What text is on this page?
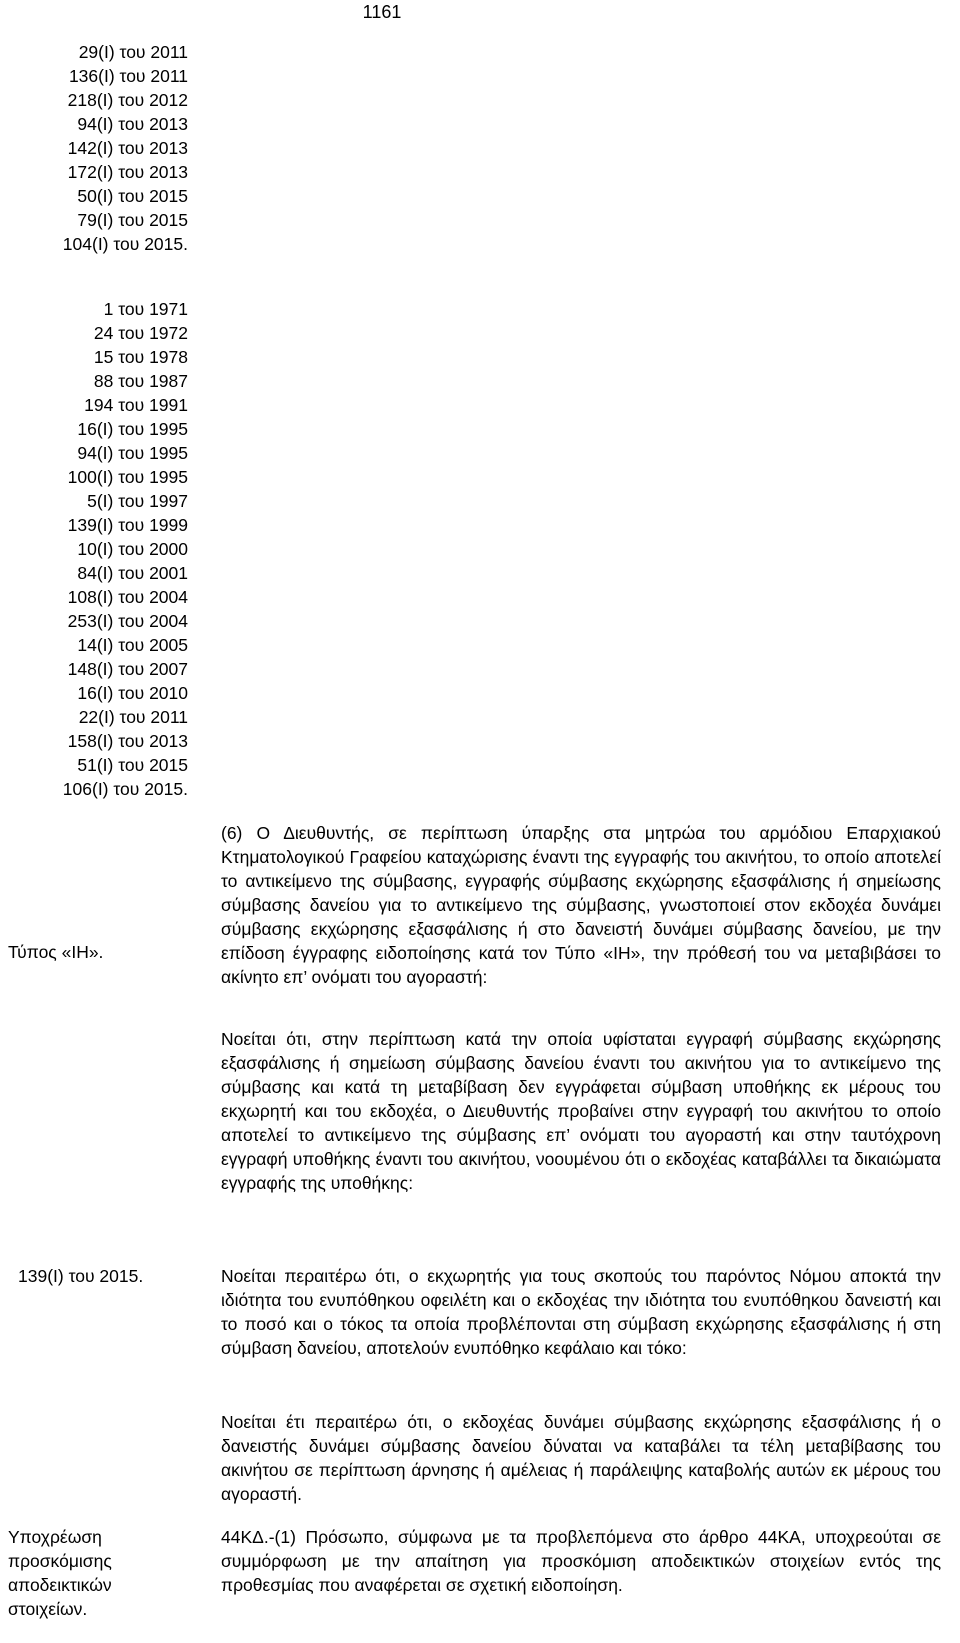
1161
29(Ι) του 2011
136(Ι) του 2011
218(Ι) του 2012
94(Ι) του 2013
142(Ι) του 2013
172(Ι) του 2013
50(Ι) του 2015
79(Ι) του 2015
104(Ι) του 2015.
1 του 1971
24 του 1972
15 του 1978
88 του 1987
194 του 1991
16(Ι) του 1995
94(Ι) του 1995
100(Ι) του 1995
5(Ι) του 1997
139(Ι) του 1999
10(Ι) του 2000
84(Ι) του 2001
108(Ι) του 2004
253(Ι) του 2004
14(Ι) του 2005
148(Ι) του 2007
16(Ι) του 2010
22(Ι) του 2011
158(Ι) του 2013
51(Ι) του 2015
106(Ι) του 2015.
Τύπος «ΙΗ».
139(Ι) του 2015.
Υποχρέωση προσκόμισης αποδεικτικών στοιχείων.

(6) Ο Διευθυντής, σε περίπτωση ύπαρξης στα μητρώα του αρμόδιου Επαρχιακού Κτηματολογικού Γραφείου καταχώρισης έναντι της εγγραφής του ακινήτου, το οποίο αποτελεί το αντικείμενο της σύμβασης, εγγραφής σύμβασης εκχώρησης εξασφάλισης ή σημείωσης σύμβασης δανείου για το αντικείμενο της σύμβασης, γνωστοποιεί στον εκδοχέα δυνάμει σύμβασης εκχώρησης εξασφάλισης ή στο δανειστή δυνάμει σύμβασης δανείου, με την επίδοση έγγραφης ειδοποίησης κατά τον Τύπο «ΙΗ», την πρόθεσή του να μεταβιβάσει το ακίνητο επ’ ονόματι του αγοραστή:

Νοείται ότι, στην περίπτωση κατά την οποία υφίσταται εγγραφή σύμβασης εκχώρησης εξασφάλισης ή σημείωση σύμβασης δανείου έναντι του ακινήτου για το αντικείμενο της σύμβασης και κατά τη μεταβίβαση δεν εγγράφεται σύμβαση υποθήκης εκ μέρους του εκχωρητή και του εκδοχέα, ο Διευθυντής προβαίνει στην εγγραφή του ακινήτου το οποίο αποτελεί το αντικείμενο της σύμβασης επ’ ονόματι του αγοραστή και στην ταυτόχρονη εγγραφή υποθήκης έναντι του ακινήτου, νοουμένου ότι ο εκδοχέας καταβάλλει τα δικαιώματα εγγραφής της υποθήκης:

Νοείται περαιτέρω ότι, ο εκχωρητής για τους σκοπούς του παρόντος Νόμου αποκτά την ιδιότητα του ενυπόθηκου οφειλέτη και ο εκδοχέας την ιδιότητα του ενυπόθηκου δανειστή και το ποσό και ο τόκος τα οποία προβλέπονται στη σύμβαση εκχώρησης εξασφάλισης ή στη σύμβαση δανείου, αποτελούν ενυπόθηκο κεφάλαιο και τόκο:

Νοείται έτι περαιτέρω ότι, ο εκδοχέας δυνάμει σύμβασης εκχώρησης εξασφάλισης ή ο δανειστής δυνάμει σύμβασης δανείου δύναται να καταβάλει τα τέλη μεταβίβασης του ακινήτου σε περίπτωση άρνησης ή αμέλειας ή παράλειψης καταβολής αυτών εκ μέρους του αγοραστή.

44ΚΔ.-(1) Πρόσωπο, σύμφωνα με τα προβλεπόμενα στο άρθρο 44ΚΑ, υποχρεούται σε συμμόρφωση με την απαίτηση για προσκόμιση αποδεικτικών στοιχείων εντός της προθεσμίας που αναφέρεται σε σχετική ειδοποίηση.
